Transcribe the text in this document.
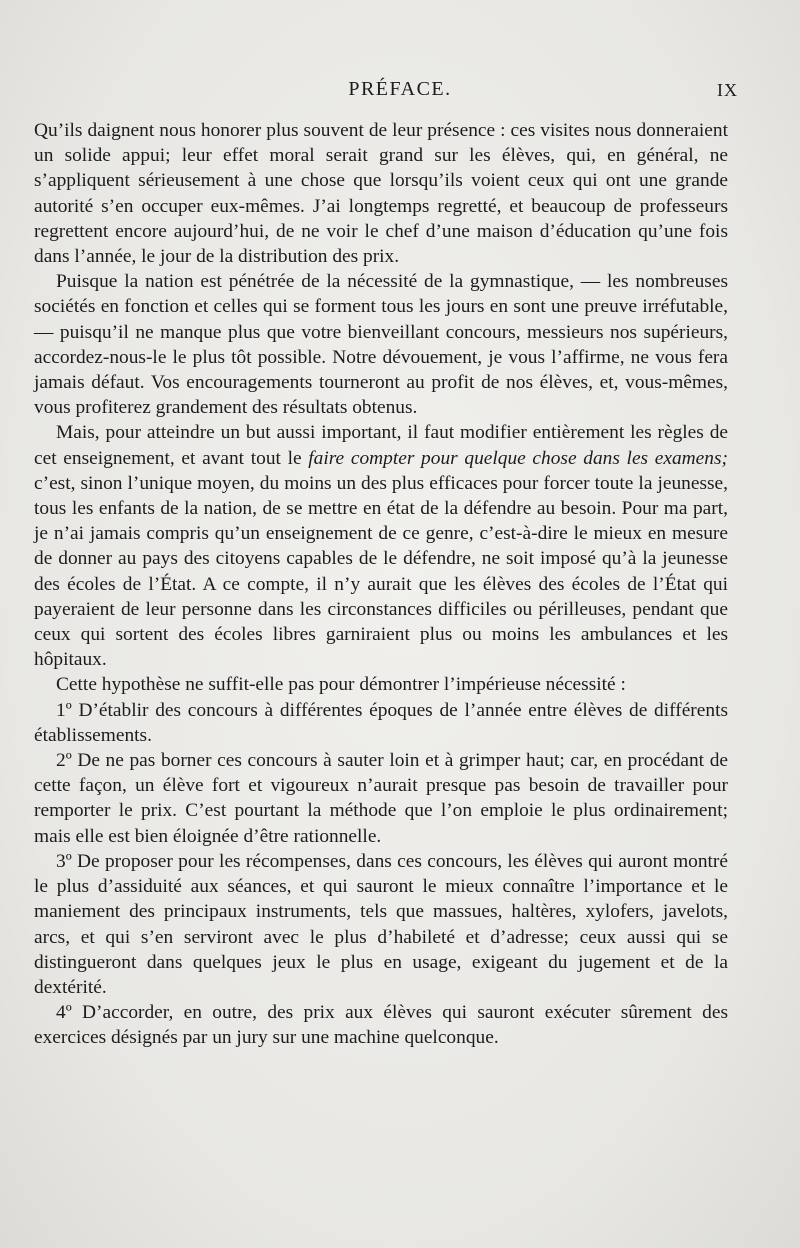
PRÉFACE.	IX

Qu’ils daignent nous honorer plus souvent de leur présence : ces visites nous donneraient un solide appui; leur effet moral serait grand sur les élèves, qui, en général, ne s’appliquent sérieusement à une chose que lorsqu’ils voient ceux qui ont une grande autorité s’en occuper eux-mêmes. J’ai longtemps regretté, et beaucoup de professeurs regrettent encore aujourd’hui, de ne voir le chef d’une maison d’éducation qu’une fois dans l’année, le jour de la distribution des prix.

Puisque la nation est pénétrée de la nécessité de la gymnastique, — les nombreuses sociétés en fonction et celles qui se forment tous les jours en sont une preuve irréfutable, — puisqu’il ne manque plus que votre bienveillant concours, messieurs nos supérieurs, accordez-nous-le le plus tôt possible. Notre dévouement, je vous l’affirme, ne vous fera jamais défaut. Vos encouragements tourneront au profit de nos élèves, et, vous-mêmes, vous profiterez grandement des résultats obtenus.

Mais, pour atteindre un but aussi important, il faut modifier entièrement les règles de cet enseignement, et avant tout le faire compter pour quelque chose dans les examens; c’est, sinon l’unique moyen, du moins un des plus efficaces pour forcer toute la jeunesse, tous les enfants de la nation, de se mettre en état de la défendre au besoin. Pour ma part, je n’ai jamais compris qu’un enseignement de ce genre, c’est-à-dire le mieux en mesure de donner au pays des citoyens capables de le défendre, ne soit imposé qu’à la jeunesse des écoles de l’État. A ce compte, il n’y aurait que les élèves des écoles de l’État qui payeraient de leur personne dans les circonstances difficiles ou périlleuses, pendant que ceux qui sortent des écoles libres garniraient plus ou moins les ambulances et les hôpitaux.

Cette hypothèse ne suffit-elle pas pour démontrer l’impérieuse nécessité :

1º D’établir des concours à différentes époques de l’année entre élèves de différents établissements.

2º De ne pas borner ces concours à sauter loin et à grimper haut; car, en procédant de cette façon, un élève fort et vigoureux n’aurait presque pas besoin de travailler pour remporter le prix. C’est pourtant la méthode que l’on emploie le plus ordinairement; mais elle est bien éloignée d’être rationnelle.

3º De proposer pour les récompenses, dans ces concours, les élèves qui auront montré le plus d’assiduité aux séances, et qui sauront le mieux connaître l’importance et le maniement des principaux instruments, tels que massues, haltères, xylofers, javelots, arcs, et qui s’en serviront avec le plus d’habileté et d’adresse; ceux aussi qui se distingueront dans quelques jeux le plus en usage, exigeant du jugement et de la dextérité.

4º D’accorder, en outre, des prix aux élèves qui sauront exécuter sûrement des exercices désignés par un jury sur une machine quelconque.
